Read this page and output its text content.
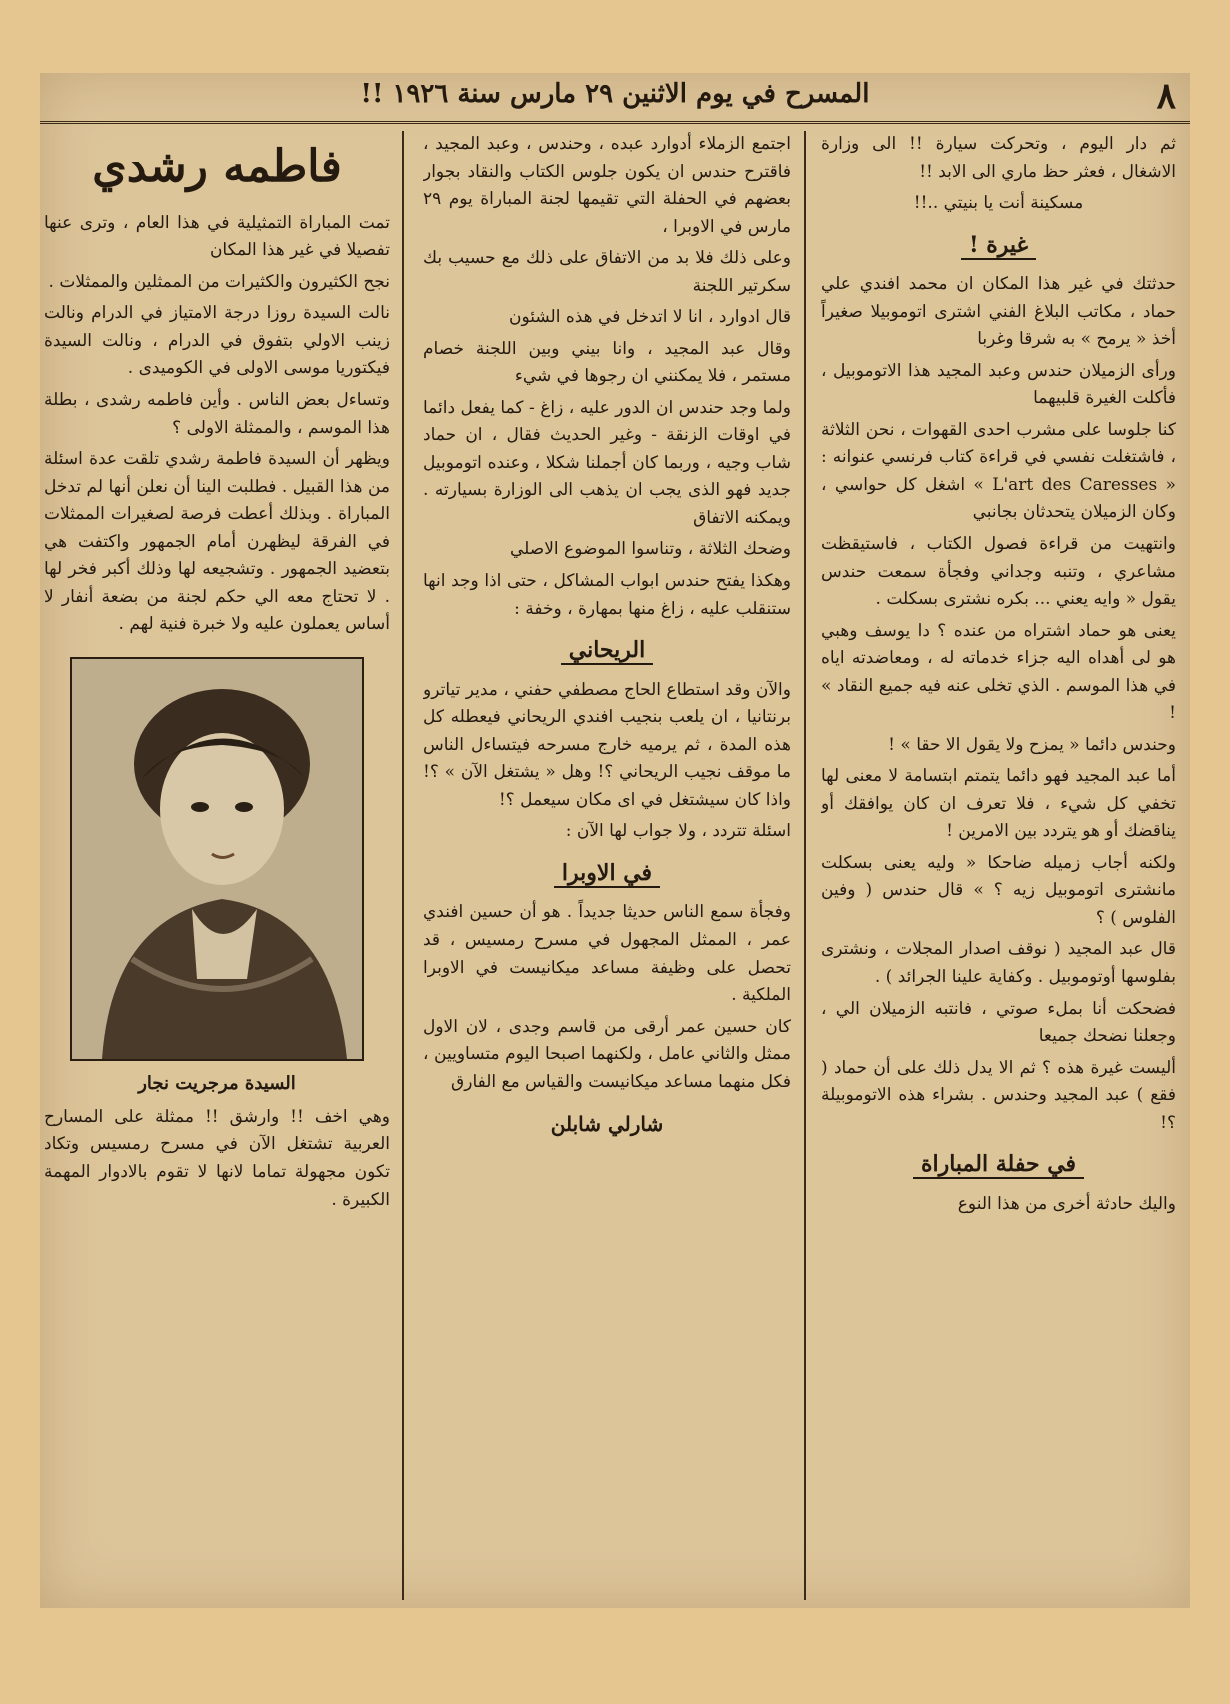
٨
المسرح في يوم الاثنين ٢٩ مارس سنة ١٩٢٦ !!

ثم دار اليوم ، وتحركت سيارة !! الى وزارة الاشغال ، فعثر حظ ماري الى الابد !!

مسكينة أنت يا بنيتي ..!!

غيرة !

حدثتك في غير هذا المكان ان محمد افندي علي حماد ، مكاتب البلاغ الفني اشترى اتوموبيلا صغيراً أخذ « يرمح » به شرقا وغربا

ورأى الزميلان حندس وعبد المجيد هذا الاتوموبيل ، فأكلت الغيرة قلبيهما

كنا جلوسا على مشرب احدى القهوات ، نحن الثلاثة ، فاشتغلت نفسي في قراءة كتاب فرنسي عنوانه : « L'art des Caresses » اشغل كل حواسي ، وكان الزميلان يتحدثان بجانبي

وانتهيت من قراءة فصول الكتاب ، فاستيقظت مشاعري ، وتنبه وجداني وفجأة سمعت حندس يقول « وايه يعني ... بكره نشترى بسكلت .

يعنى هو حماد اشتراه من عنده ؟ دا يوسف وهبي هو لى أهداه اليه جزاء خدماته له ، ومعاضدته اياه في هذا الموسم . الذي تخلى عنه فيه جميع النقاد » !

وحندس دائما « يمزح ولا يقول الا حقا » !

أما عبد المجيد فهو دائما يتمتم ابتسامة لا معنى لها تخفي كل شيء ، فلا تعرف ان كان يوافقك أو يناقضك أو هو يتردد بين الامرين !

ولكنه أجاب زميله ضاحكا « وليه يعنى بسكلت مانشترى اتوموبيل زيه ؟ » قال حندس ( وفين الفلوس ) ؟

قال عبد المجيد ( نوقف اصدار المجلات ، ونشترى بفلوسها أوتوموبيل . وكفاية علينا الجرائد ) .

فضحكت أنا بملء صوتي ، فانتبه الزميلان الي ، وجعلنا نضحك جميعا

أليست غيرة هذه ؟ ثم الا يدل ذلك على أن حماد ( فقع ) عبد المجيد وحندس . بشراء هذه الاتوموبيلة ؟!

في حفلة المباراة

واليك حادثة أخرى من هذا النوع

اجتمع الزملاء أدوارد عبده ، وحندس ، وعبد المجيد ، فاقترح حندس ان يكون جلوس الكتاب والنقاد بجوار بعضهم في الحفلة التي تقيمها لجنة المباراة يوم ٢٩ مارس في الاوبرا ،

وعلى ذلك فلا بد من الاتفاق على ذلك مع حسيب بك سكرتير اللجنة

قال ادوارد ، انا لا اتدخل في هذه الشئون

وقال عبد المجيد ، وانا بيني وبين اللجنة خصام مستمر ، فلا يمكنني ان رجوها في شيء

ولما وجد حندس ان الدور عليه ، زاغ - كما يفعل دائما في اوقات الزنقة - وغير الحديث فقال ، ان حماد شاب وجيه ، وربما كان أجملنا شكلا ، وعنده اتوموبيل جديد فهو الذى يجب ان يذهب الى الوزارة بسيارته . ويمكنه الاتفاق

وضحك الثلاثة ، وتناسوا الموضوع الاصلي

وهكذا يفتح حندس ابواب المشاكل ، حتى اذا وجد انها ستنقلب عليه ، زاغ منها بمهارة ، وخفة :

الريحاني

والآن وقد استطاع الحاج مصطفي حفني ، مدير تياترو برنتانيا ، ان يلعب بنجيب افندي الريحاني فيعطله كل هذه المدة ، ثم يرميه خارج مسرحه فيتساءل الناس ما موقف نجيب الريحاني ؟! وهل « يشتغل الآن » ؟! واذا كان سيشتغل في اى مكان سيعمل ؟!

اسئلة تتردد ، ولا جواب لها الآن :

في الاوبرا

وفجأة سمع الناس حديثا جديداً . هو أن حسين افندي عمر ، الممثل المجهول في مسرح رمسيس ، قد تحصل على وظيفة مساعد ميكانيست في الاوبرا الملكية .

كان حسين عمر أرقى من قاسم وجدى ، لان الاول ممثل والثاني عامل ، ولكنهما اصبحا اليوم متساويين ، فكل منهما مساعد ميكانيست والقياس مع الفارق

شارلي شابلن
فاطمه رشدي

تمت المباراة التمثيلية في هذا العام ، وترى عنها تفصيلا في غير هذا المكان

نجح الكثيرون والكثيرات من الممثلين والممثلات .

نالت السيدة روزا درجة الامتياز في الدرام ونالت زينب الاولي بتفوق في الدرام ، ونالت السيدة فيكتوريا موسى الاولى في الكوميدى .

وتساءل بعض الناس . وأين فاطمه رشدى ، بطلة هذا الموسم ، والممثلة الاولى ؟

ويظهر أن السيدة فاطمة رشدي تلقت عدة اسئلة من هذا القبيل . فطلبت الينا أن نعلن أنها لم تدخل المباراة . وبذلك أعطت فرصة لصغيرات الممثلات في الفرقة ليظهرن أمام الجمهور واكتفت هي بتعضيد الجمهور . وتشجيعه لها وذلك أكبر فخر لها . لا تحتاج معه الي حكم لجنة من بضعة أنفار لا أساس يعملون عليه ولا خبرة فنية لهم .

السيدة مرجريت نجار

وهي اخف !! وارشق !! ممثلة على المسارح العربية تشتغل الآن في مسرح رمسيس وتكاد تكون مجهولة تماما لانها لا تقوم بالادوار المهمة الكبيرة .
